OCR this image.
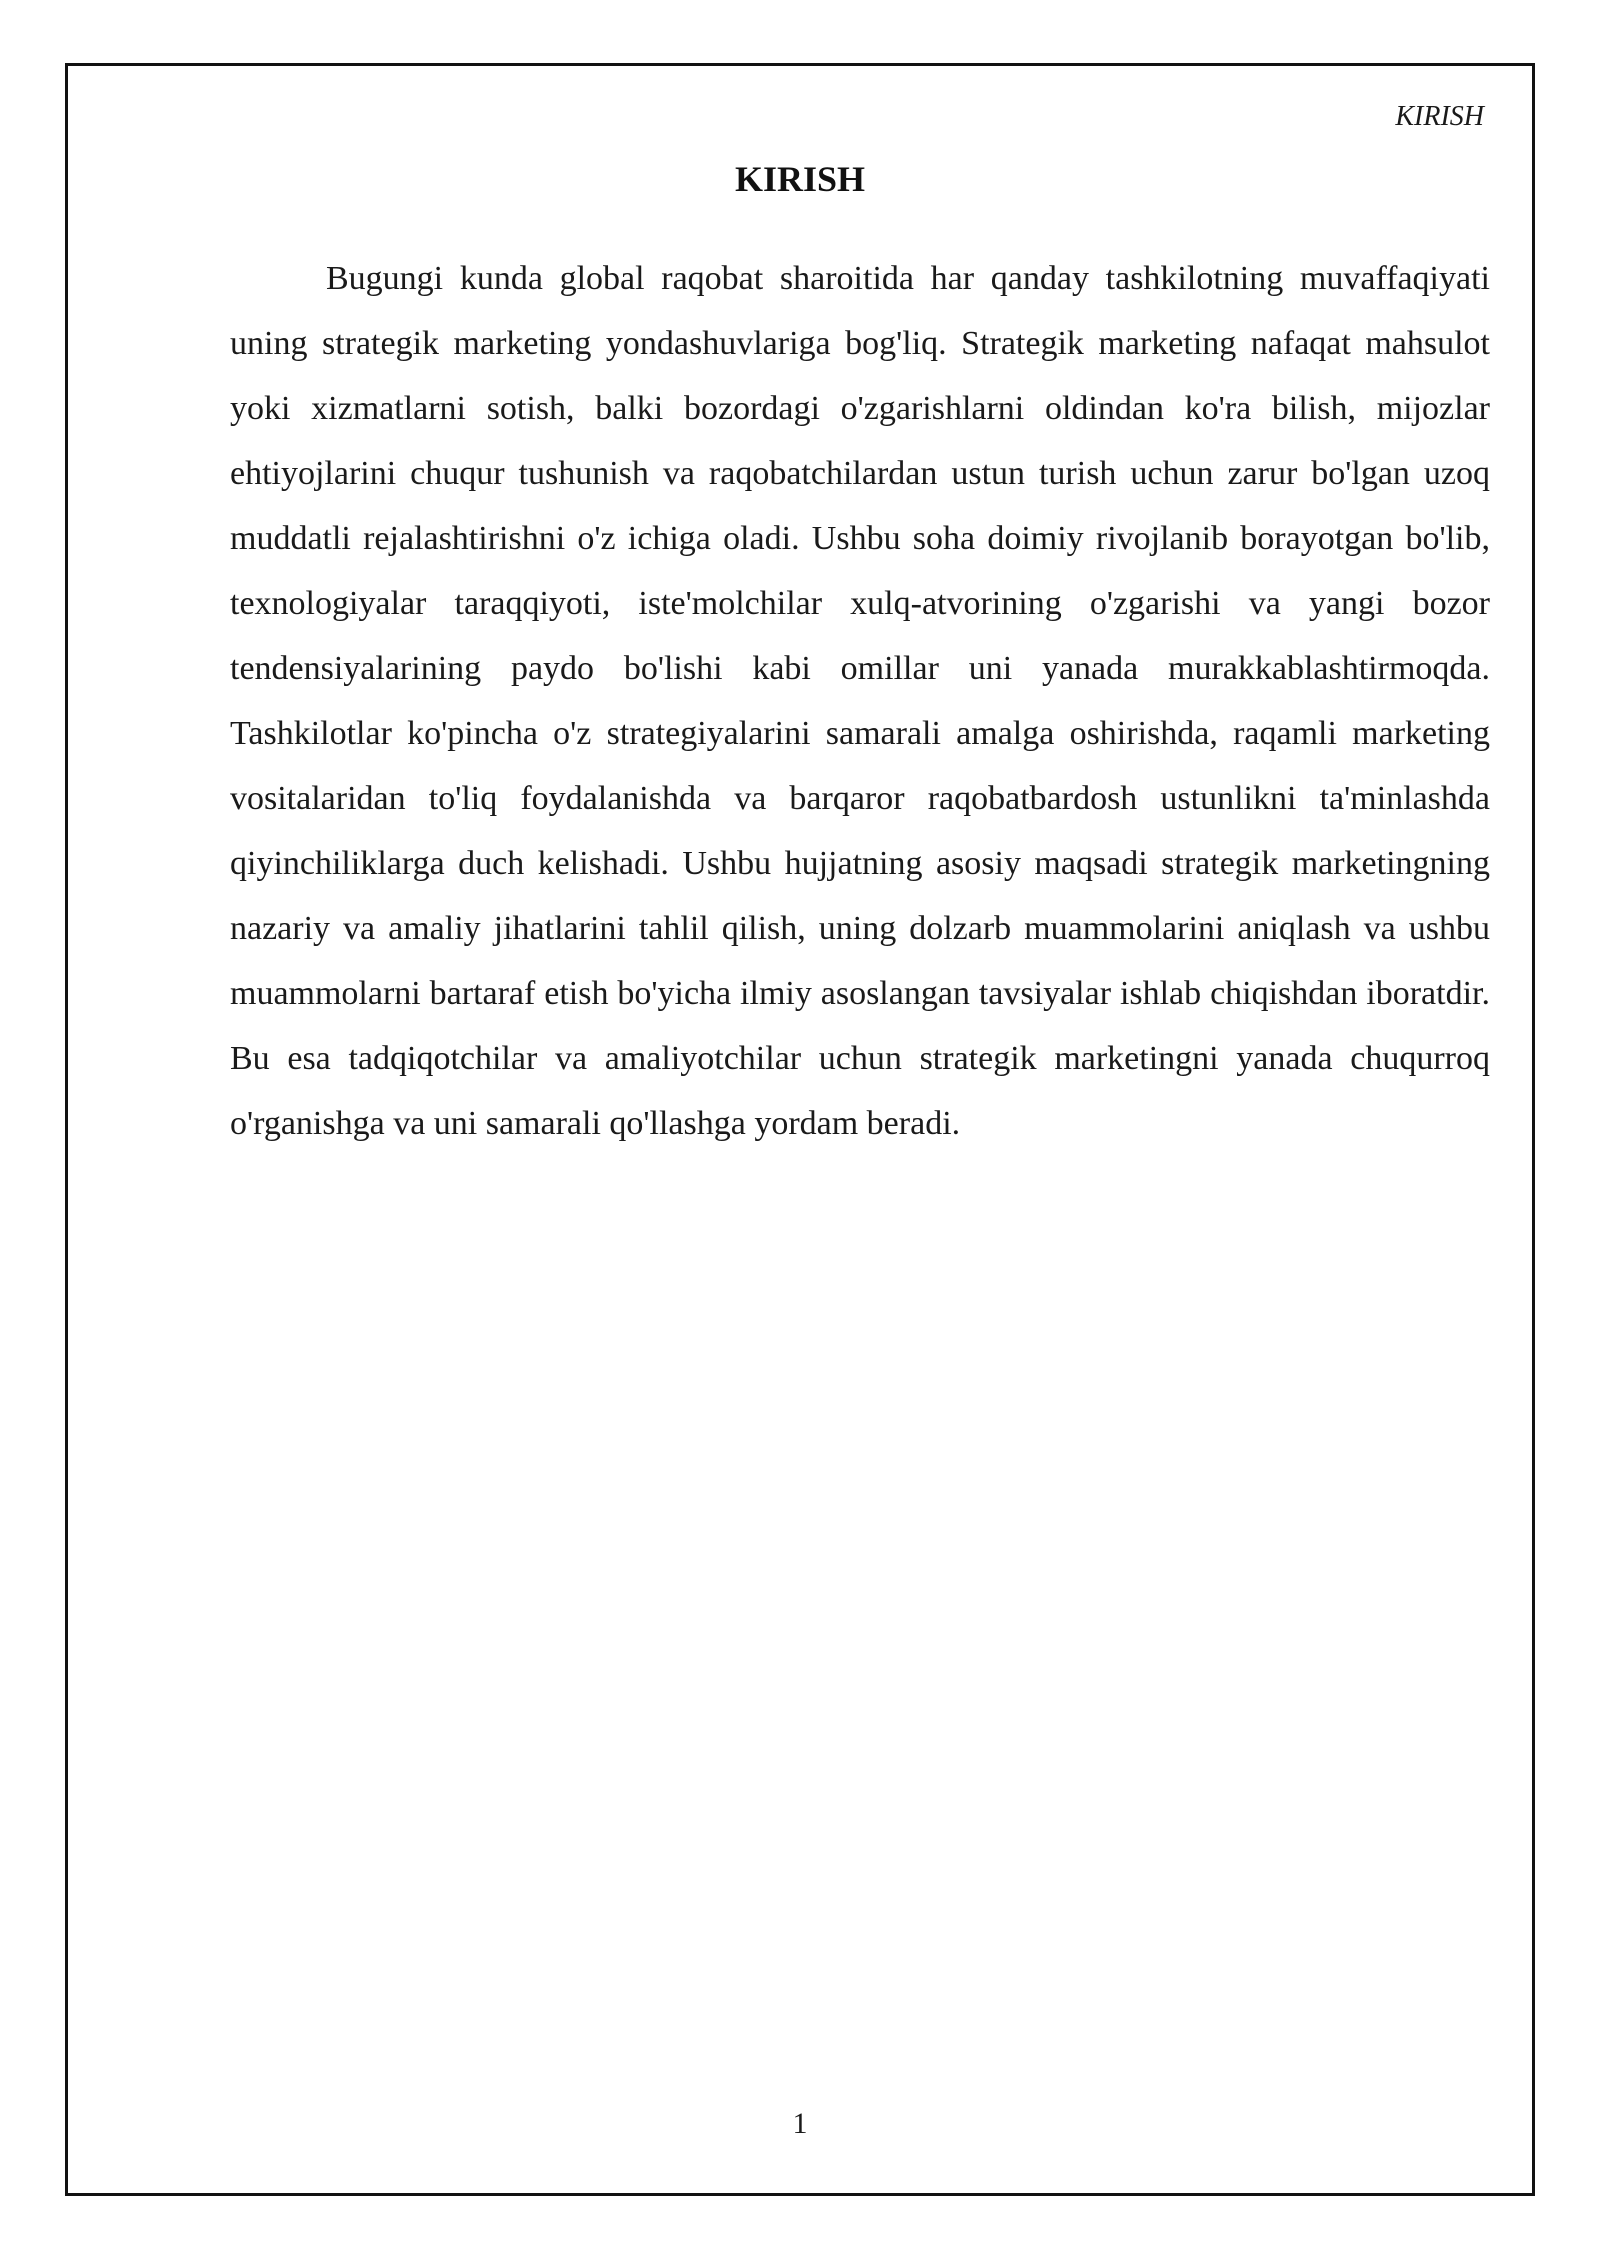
KIRISH
KIRISH

Bugungi kunda global raqobat sharoitida har qanday tashkilotning muvaffaqiyati uning strategik marketing yondashuvlariga bog'liq. Strategik marketing nafaqat mahsulot yoki xizmatlarni sotish, balki bozordagi o'zgarishlarni oldindan ko'ra bilish, mijozlar ehtiyojlarini chuqur tushunish va raqobatchilardan ustun turish uchun zarur bo'lgan uzoq muddatli rejalashtirishni o'z ichiga oladi. Ushbu soha doimiy rivojlanib borayotgan bo'lib, texnologiyalar taraqqiyoti, iste'molchilar xulq-atvorining o'zgarishi va yangi bozor tendensiyalarining paydo bo'lishi kabi omillar uni yanada murakkablashtirmoqda. Tashkilotlar ko'pincha o'z strategiyalarini samarali amalga oshirishda, raqamli marketing vositalaridan to'liq foydalanishda va barqaror raqobatbardosh ustunlikni ta'minlashda qiyinchiliklarga duch kelishadi. Ushbu hujjatning asosiy maqsadi strategik marketingning nazariy va amaliy jihatlarini tahlil qilish, uning dolzarb muammolarini aniqlash va ushbu muammolarni bartaraf etish bo'yicha ilmiy asoslangan tavsiyalar ishlab chiqishdan iboratdir. Bu esa tadqiqotchilar va amaliyotchilar uchun strategik marketingni yanada chuqurroq o'rganishga va uni samarali qo'llashga yordam beradi.

1
